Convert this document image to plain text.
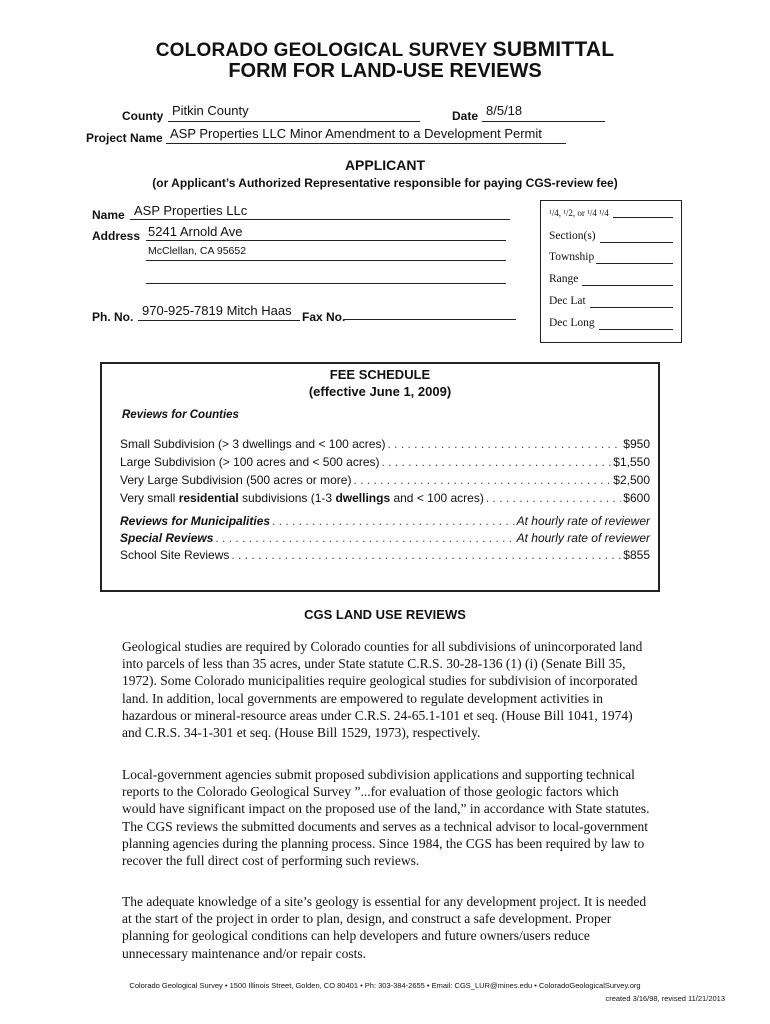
COLORADO GEOLOGICAL SURVEY SUBMITTAL
FORM FOR LAND-USE REVIEWS
County Pitkin County	Date 8/5/18
Project Name ASP Properties LLC Minor Amendment to a Development Permit
APPLICANT
(or Applicant’s Authorized Representative responsible for paying CGS-review fee)
Name ASP Properties LLc
Address 5241 Arnold Ave
McClellan, CA 95652
Ph. No. 970-925-7819 Mitch Haas Fax No.
¹/4, ¹/2, or ¹/4 ¹/4
Section(s)
Township
Range
Dec Lat
Dec Long
FEE SCHEDULE
(effective June 1, 2009)
Reviews for Counties
Small Subdivision (> 3 dwellings and < 100 acres) . . .	$950
Large Subdivision (> 100 acres and < 500 acres) . . .	$1,550
Very Large Subdivision (500 acres or more) . . .	$2,500
Very small residential subdivisions (1-3 dwellings and < 100 acres) . . .	$600
Reviews for Municipalities . . .	At hourly rate of reviewer
Special Reviews . . .	At hourly rate of reviewer
School Site Reviews . . .	$855
CGS LAND USE REVIEWS
Geological studies are required by Colorado counties for all subdivisions of unincorporated land into parcels of less than 35 acres, under State statute C.R.S. 30-28-136 (1) (i) (Senate Bill 35, 1972). Some Colorado municipalities require geological studies for subdivision of incorporated land. In addition, local governments are empowered to regulate development activities in hazardous or mineral-resource areas under C.R.S. 24-65.1-101 et seq. (House Bill 1041, 1974) and C.R.S. 34-1-301 et seq. (House Bill 1529, 1973), respectively.
Local-government agencies submit proposed subdivision applications and supporting technical reports to the Colorado Geological Survey ”...for evaluation of those geologic factors which would have significant impact on the proposed use of the land,” in accordance with State statutes. The CGS reviews the submitted documents and serves as a technical advisor to local-government planning agencies during the planning process. Since 1984, the CGS has been required by law to recover the full direct cost of performing such reviews.
The adequate knowledge of a site’s geology is essential for any development project. It is needed at the start of the project in order to plan, design, and construct a safe development. Proper planning for geological conditions can help developers and future owners/users reduce unnecessary maintenance and/or repair costs.
Colorado Geological Survey • 1500 Illinois Street, Golden, CO 80401 • Ph: 303-384-2655 • Email: CGS_LUR@mines.edu • ColoradoGeologicalSurvey.org
created 3/16/98, revised 11/21/2013
